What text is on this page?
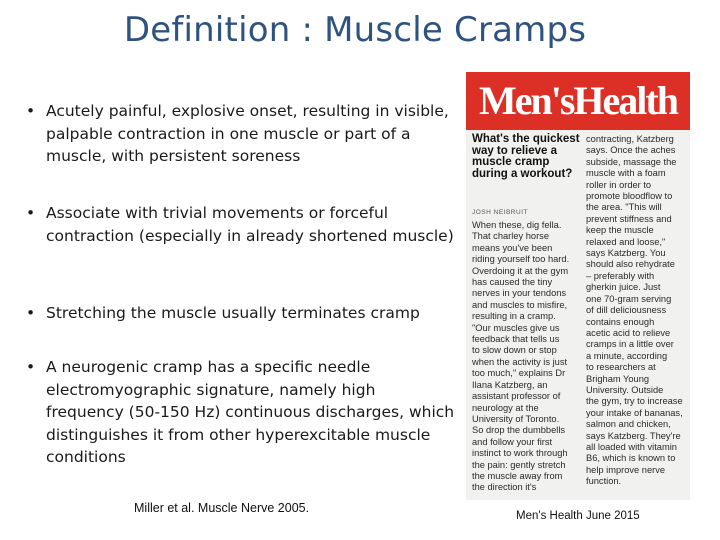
Definition : Muscle Cramps
• Acutely painful, explosive onset, resulting in visible, palpable contraction in one muscle or part of a muscle, with persistent soreness
• Associate with trivial movements or forceful contraction (especially in already shortened muscle)
• Stretching the muscle usually terminates cramp
• A neurogenic cramp has a specific needle electromyographic signature, namely high frequency (50-150 Hz) continuous discharges, which distinguishes it from other hyperexcitable muscle conditions
Miller et al. Muscle Nerve 2005.
Men'sHealth
What's the quickest way to relieve a muscle cramp during a workout?
JOSH NEIBRUIT
When these, dig fella.
That charley horse
means you've been
riding yourself too hard.
Overdoing it at the gym
has caused the tiny
nerves in your tendons
and muscles to misfire,
resulting in a cramp.
"Our muscles give us
feedback that tells us
to slow down or stop
when the activity is just
too much," explains Dr
Ilana Katzberg, an
assistant professor of
neurology at the
University of Toronto.
So drop the dumbbells
and follow your first
instinct to work through
the pain: gently stretch
the muscle away from
the direction it's
contracting, Katzberg
says. Once the aches
subside, massage the
muscle with a foam
roller in order to
promote bloodflow to
the area. "This will
prevent stiffness and
keep the muscle
relaxed and loose,"
says Katzberg. You
should also rehydrate
– preferably with
gherkin juice. Just
one 70-gram serving
of dill deliciousness
contains enough
acetic acid to relieve
cramps in a little over
a minute, according
to researchers at
Brigham Young
University. Outside
the gym, try to increase
your intake of bananas,
salmon and chicken,
says Katzberg. They're
all loaded with vitamin
B6, which is known to
help improve nerve
function.
Men's Health June 2015
